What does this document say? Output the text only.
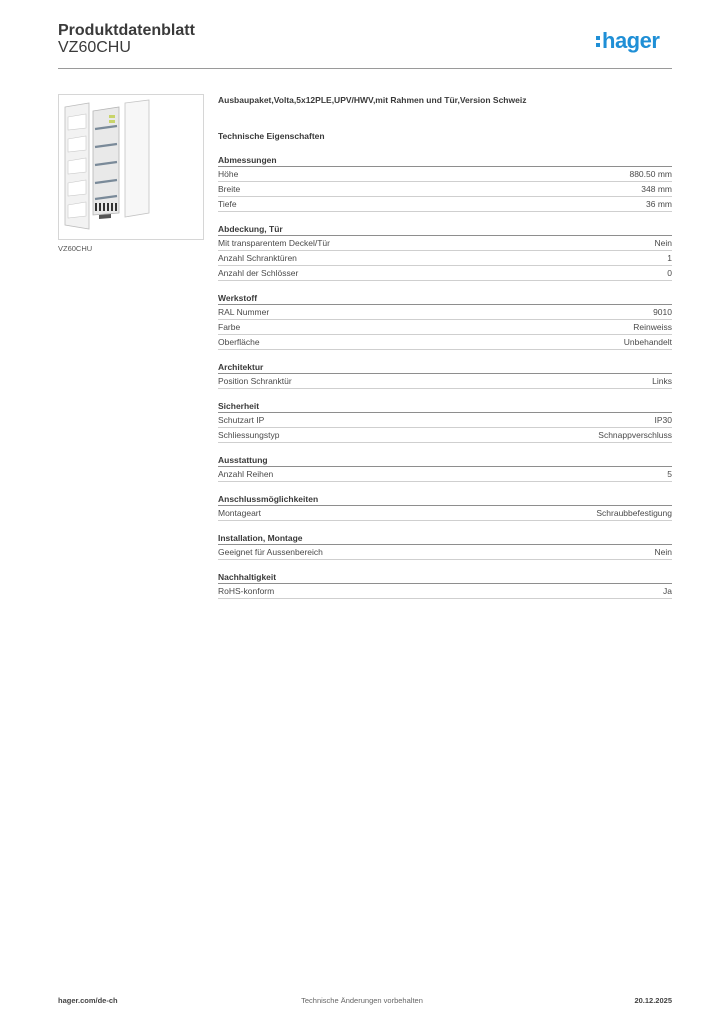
Produktdatenblatt
VZ60CHU	hager
VZ60CHU
Ausbaupaket,Volta,5x12PLE,UPV/HWV,mit Rahmen und Tür,Version Schweiz
Technische Eigenschaften
Abmessungen
Höhe	880.50 mm
Breite	348 mm
Tiefe	36 mm
Abdeckung, Tür
Mit transparentem Deckel/Tür	Nein
Anzahl Schranktüren	1
Anzahl der Schlösser	0
Werkstoff
RAL Nummer	9010
Farbe	Reinweiss
Oberfläche	Unbehandelt
Architektur
Position Schranktür	Links
Sicherheit
Schutzart IP	IP30
Schliessungstyp	Schnappverschluss
Ausstattung
Anzahl Reihen	5
Anschlussmöglichkeiten
Montageart	Schraubbefestigung
Installation, Montage
Geeignet für Aussenbereich	Nein
Nachhaltigkeit
RoHS-konform	Ja
hager.com/de-ch	Technische Änderungen vorbehalten	20.12.2025
